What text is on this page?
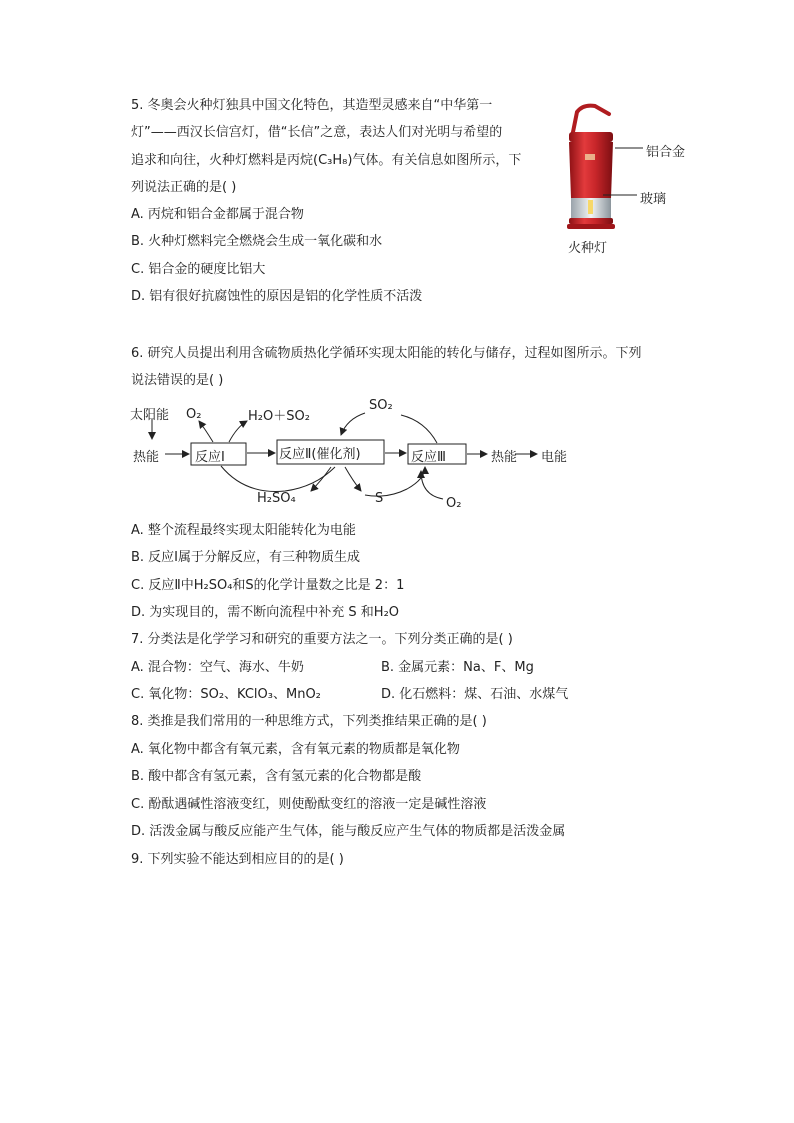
5. 冬奥会火种灯独具中国文化特色，其造型灵感来自“中华第一
灯”——西汉长信宫灯，借“长信”之意，表达人们对光明与希望的
追求和向往，火种灯燃料是丙烷(C₃H₈)气体。有关信息如图所示，下
列说法正确的是( )
A. 丙烷和铝合金都属于混合物
B. 火种灯燃料完全燃烧会生成一氧化碳和水
C. 铝合金的硬度比铝大
D. 铝有很好抗腐蚀性的原因是铝的化学性质不活泼
铝合金
玻璃
火种灯
6. 研究人员提出利用含硫物质热化学循环实现太阳能的转化与储存，过程如图所示。下列
说法错误的是( )
太阳能
热能	反应Ⅰ	反应Ⅱ(催化剂)	反应Ⅲ	热能 电能
O₂	H₂O＋SO₂
SO₂
H₂SO₄	S	O₂
A. 整个流程最终实现太阳能转化为电能
B. 反应Ⅰ属于分解反应，有三种物质生成
C. 反应Ⅱ中H₂SO₄和S的化学计量数之比是 2：1
D. 为实现目的，需不断向流程中补充 S 和H₂O
7. 分类法是化学学习和研究的重要方法之一。下列分类正确的是( )
A. 混合物：空气、海水、牛奶	B. 金属元素：Na、F、Mg
C. 氧化物：SO₂、KClO₃、MnO₂	D. 化石燃料：煤、石油、水煤气
8. 类推是我们常用的一种思维方式，下列类推结果正确的是( )
A. 氧化物中都含有氧元素，含有氧元素的物质都是氧化物
B. 酸中都含有氢元素，含有氢元素的化合物都是酸
C. 酚酞遇碱性溶液变红，则使酚酞变红的溶液一定是碱性溶液
D. 活泼金属与酸反应能产生气体，能与酸反应产生气体的物质都是活泼金属
9. 下列实验不能达到相应目的的是( )
